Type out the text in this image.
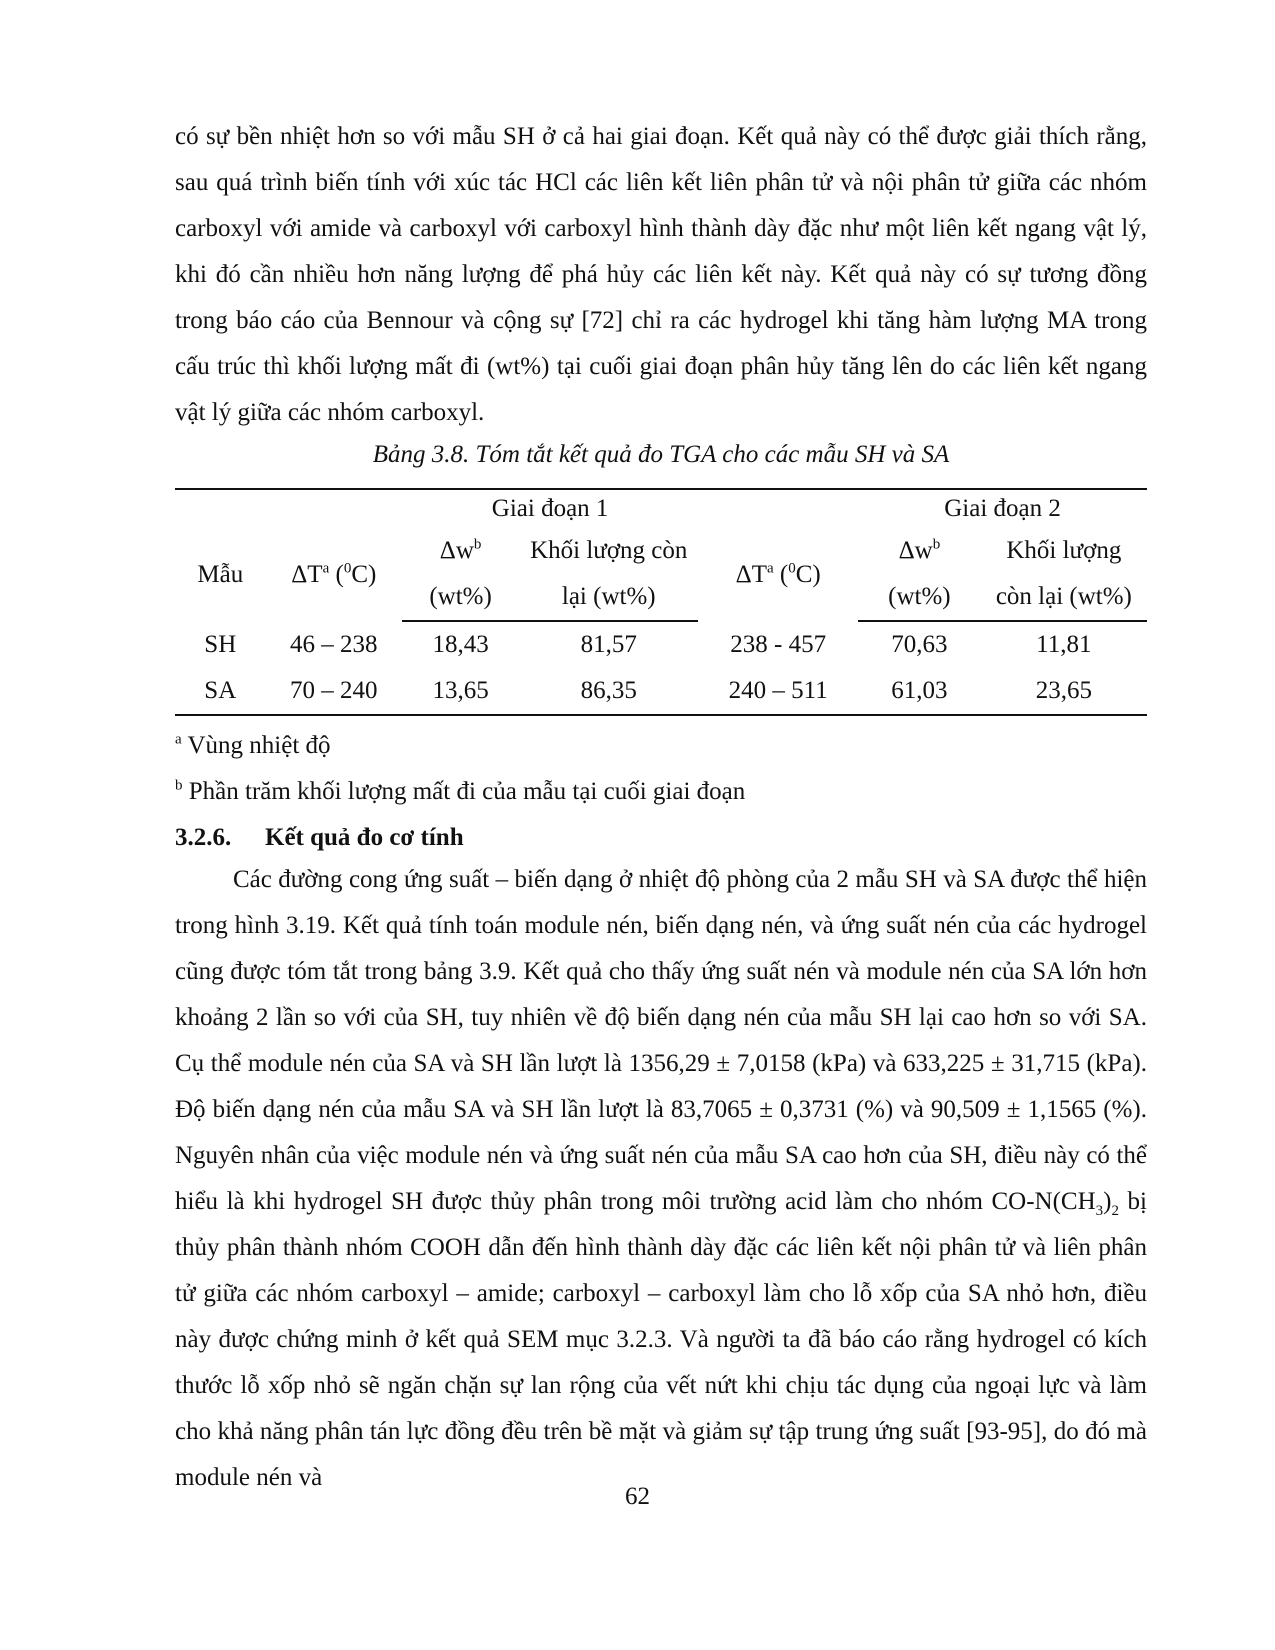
có sự bền nhiệt hơn so với mẫu SH ở cả hai giai đoạn. Kết quả này có thể được giải thích rằng, sau quá trình biến tính với xúc tác HCl các liên kết liên phân tử và nội phân tử giữa các nhóm carboxyl với amide và carboxyl với carboxyl hình thành dày đặc như một liên kết ngang vật lý, khi đó cần nhiều hơn năng lượng để phá hủy các liên kết này. Kết quả này có sự tương đồng trong báo cáo của Bennour và cộng sự [72] chỉ ra các hydrogel khi tăng hàm lượng MA trong cấu trúc thì khối lượng mất đi (wt%) tại cuối giai đoạn phân hủy tăng lên do các liên kết ngang vật lý giữa các nhóm carboxyl.

Bảng 3.8. Tóm tắt kết quả đo TGA cho các mẫu SH và SA

		Giai đoạn 1			Giai đoạn 2	
Mẫu	$\Delta T^a$ ($^0$C)	$\Delta w^b$	Khối lượng còn	$\Delta T^a$ ($^0$C)	$\Delta w^b$	Khối lượng
		(wt%)	lại (wt%)		(wt%)	còn lại (wt%)
SH	46 – 238	18,43	81,57	238 - 457	70,63	11,81
SA	70 – 240	13,65	86,35	240 – 511	61,03	23,65

$^a$ Vùng nhiệt độ

$^b$ Phần trăm khối lượng mất đi của mẫu tại cuối giai đoạn

3.2.6. Kết quả đo cơ tính

Các đường cong ứng suất – biến dạng ở nhiệt độ phòng của 2 mẫu SH và SA được thể hiện trong hình 3.19. Kết quả tính toán module nén, biến dạng nén, và ứng suất nén của các hydrogel cũng được tóm tắt trong bảng 3.9. Kết quả cho thấy ứng suất nén và module nén của SA lớn hơn khoảng 2 lần so với của SH, tuy nhiên về độ biến dạng nén của mẫu SH lại cao hơn so với SA. Cụ thể module nén của SA và SH lần lượt là 1356,29 ± 7,0158 (kPa) và 633,225 ± 31,715 (kPa). Độ biến dạng nén của mẫu SA và SH lần lượt là 83,7065 ± 0,3731 (%) và 90,509 ± 1,1565 (%). Nguyên nhân của việc module nén và ứng suất nén của mẫu SA cao hơn của SH, điều này có thể hiểu là khi hydrogel SH được thủy phân trong môi trường acid làm cho nhóm $CO-N(CH_3)_2$ bị thủy phân thành nhóm COOH dẫn đến hình thành dày đặc các liên kết nội phân tử và liên phân tử giữa các nhóm carboxyl – amide; carboxyl – carboxyl làm cho lỗ xốp của SA nhỏ hơn, điều này được chứng minh ở kết quả SEM mục 3.2.3. Và người ta đã báo cáo rằng hydrogel có kích thước lỗ xốp nhỏ sẽ ngăn chặn sự lan rộng của vết nứt khi chịu tác dụng của ngoại lực và làm cho khả năng phân tán lực đồng đều trên bề mặt và giảm sự tập trung ứng suất [93-95], do đó mà module nén và

62
